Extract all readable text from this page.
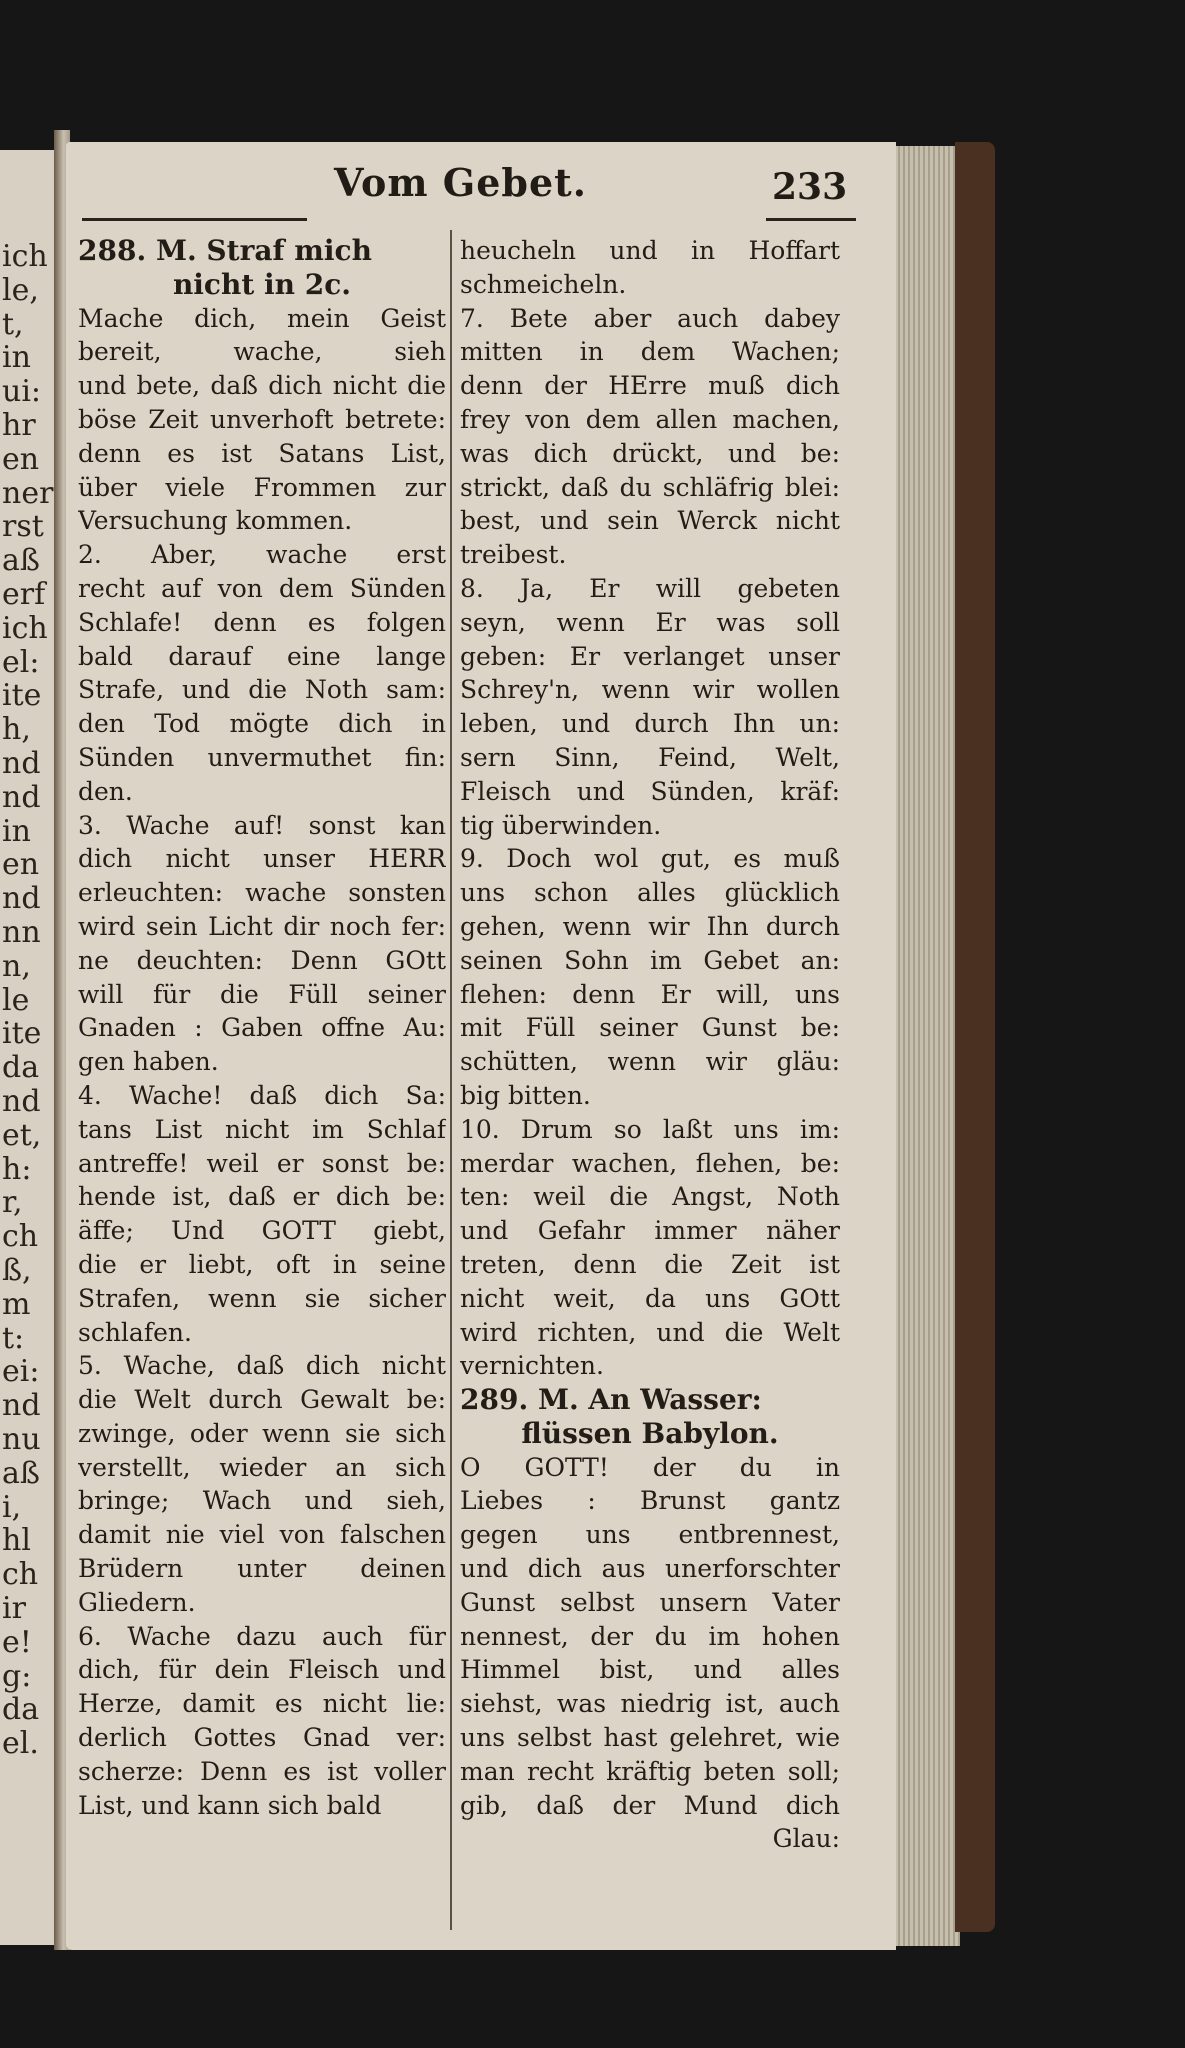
ich
le,
t,
in
ui:
hr
en
ner
rst
aß
erf
ich
el:
ite
h,
nd
nd
in
en
nd
nn
n,
le
ite
da
nd
et,
h:
r,
ch
ß,
m
t:
ei:
nd
nu
aß
i,
hl
ch
ir
e!
g:
da
el.
Vom Gebet.	233
288. M. Straf mich
nicht in 2c.
Mache dich, mein Geist
bereit, wache, sieh
und bete, daß dich nicht die
böse Zeit unverhoft betrete:
denn es ist Satans List,
über viele Frommen zur
Versuchung kommen.
2. Aber, wache erst
recht auf von dem Sünden
Schlafe! denn es folgen
bald darauf eine lange
Strafe, und die Noth sam:
den Tod mögte dich in
Sünden unvermuthet fin:
den.
3. Wache auf! sonst kan
dich nicht unser HERR
erleuchten: wache sonsten
wird sein Licht dir noch fer:
ne deuchten: Denn GOtt
will für die Füll seiner
Gnaden : Gaben offne Au:
gen haben.
4. Wache! daß dich Sa:
tans List nicht im Schlaf
antreffe! weil er sonst be:
hende ist, daß er dich be:
äffe; Und GOTT giebt,
die er liebt, oft in seine
Strafen, wenn sie sicher
schlafen.
5. Wache, daß dich nicht
die Welt durch Gewalt be:
zwinge, oder wenn sie sich
verstellt, wieder an sich
bringe; Wach und sieh,
damit nie viel von falschen
Brüdern unter deinen
Gliedern.
6. Wache dazu auch für
dich, für dein Fleisch und
Herze, damit es nicht lie:
derlich Gottes Gnad ver:
scherze: Denn es ist voller
List, und kann sich bald
heucheln und in Hoffart
schmeicheln.
7. Bete aber auch dabey
mitten in dem Wachen;
denn der HErre muß dich
frey von dem allen machen,
was dich drückt, und be:
strickt, daß du schläfrig blei:
best, und sein Werck nicht
treibest.
8. Ja, Er will gebeten
seyn, wenn Er was soll
geben: Er verlanget unser
Schrey'n, wenn wir wollen
leben, und durch Ihn un:
sern Sinn, Feind, Welt,
Fleisch und Sünden, kräf:
tig überwinden.
9. Doch wol gut, es muß
uns schon alles glücklich
gehen, wenn wir Ihn durch
seinen Sohn im Gebet an:
flehen: denn Er will, uns
mit Füll seiner Gunst be:
schütten, wenn wir gläu:
big bitten.
10. Drum so laßt uns im:
merdar wachen, flehen, be:
ten: weil die Angst, Noth
und Gefahr immer näher
treten, denn die Zeit ist
nicht weit, da uns GOtt
wird richten, und die Welt
vernichten.
289. M. An Wasser:
flüssen Babylon.
O GOTT! der du in
Liebes : Brunst gantz
gegen uns entbrennest,
und dich aus unerforschter
Gunst selbst unsern Vater
nennest, der du im hohen
Himmel bist, und alles
siehst, was niedrig ist, auch
uns selbst hast gelehret, wie
man recht kräftig beten soll;
gib, daß der Mund dich
Glau:
